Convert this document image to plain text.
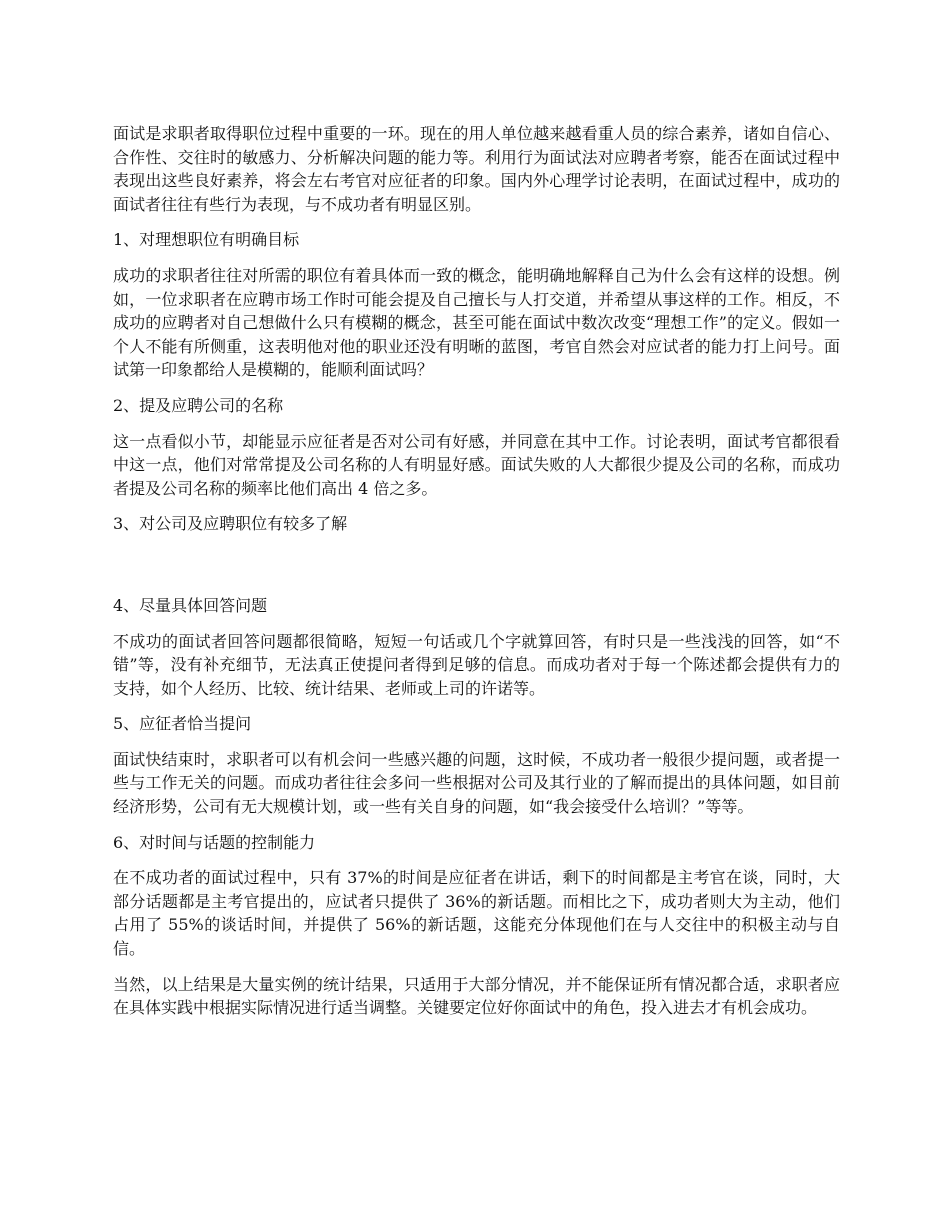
面试是求职者取得职位过程中重要的一环。现在的用人单位越来越看重人员的综合素养，诸如自信心、合作性、交往时的敏感力、分析解决问题的能力等。利用行为面试法对应聘者考察，能否在面试过程中表现出这些良好素养，将会左右考官对应征者的印象。国内外心理学讨论表明，在面试过程中，成功的面试者往往有些行为表现，与不成功者有明显区别。

1、对理想职位有明确目标

成功的求职者往往对所需的职位有着具体而一致的概念，能明确地解释自己为什么会有这样的设想。例如，一位求职者在应聘市场工作时可能会提及自己擅长与人打交道，并希望从事这样的工作。相反，不成功的应聘者对自己想做什么只有模糊的概念，甚至可能在面试中数次改变“理想工作”的定义。假如一个人不能有所侧重，这表明他对他的职业还没有明晰的蓝图，考官自然会对应试者的能力打上问号。面试第一印象都给人是模糊的，能顺利面试吗？

2、提及应聘公司的名称

这一点看似小节，却能显示应征者是否对公司有好感，并同意在其中工作。讨论表明，面试考官都很看中这一点，他们对常常提及公司名称的人有明显好感。面试失败的人大都很少提及公司的名称，而成功者提及公司名称的频率比他们高出 4 倍之多。

3、对公司及应聘职位有较多了解

4、尽量具体回答问题

不成功的面试者回答问题都很简略，短短一句话或几个字就算回答，有时只是一些浅浅的回答，如“不错”等，没有补充细节，无法真正使提问者得到足够的信息。而成功者对于每一个陈述都会提供有力的支持，如个人经历、比较、统计结果、老师或上司的许诺等。

5、应征者恰当提问

面试快结束时，求职者可以有机会问一些感兴趣的问题，这时候，不成功者一般很少提问题，或者提一些与工作无关的问题。而成功者往往会多问一些根据对公司及其行业的了解而提出的具体问题，如目前经济形势，公司有无大规模计划，或一些有关自身的问题，如“我会接受什么培训？”等等。

6、对时间与话题的控制能力

在不成功者的面试过程中，只有 37%的时间是应征者在讲话，剩下的时间都是主考官在谈，同时，大部分话题都是主考官提出的，应试者只提供了 36%的新话题。而相比之下，成功者则大为主动，他们占用了 55%的谈话时间，并提供了 56%的新话题，这能充分体现他们在与人交往中的积极主动与自信。

当然，以上结果是大量实例的统计结果，只适用于大部分情况，并不能保证所有情况都合适，求职者应在具体实践中根据实际情况进行适当调整。关键要定位好你面试中的角色，投入进去才有机会成功。
